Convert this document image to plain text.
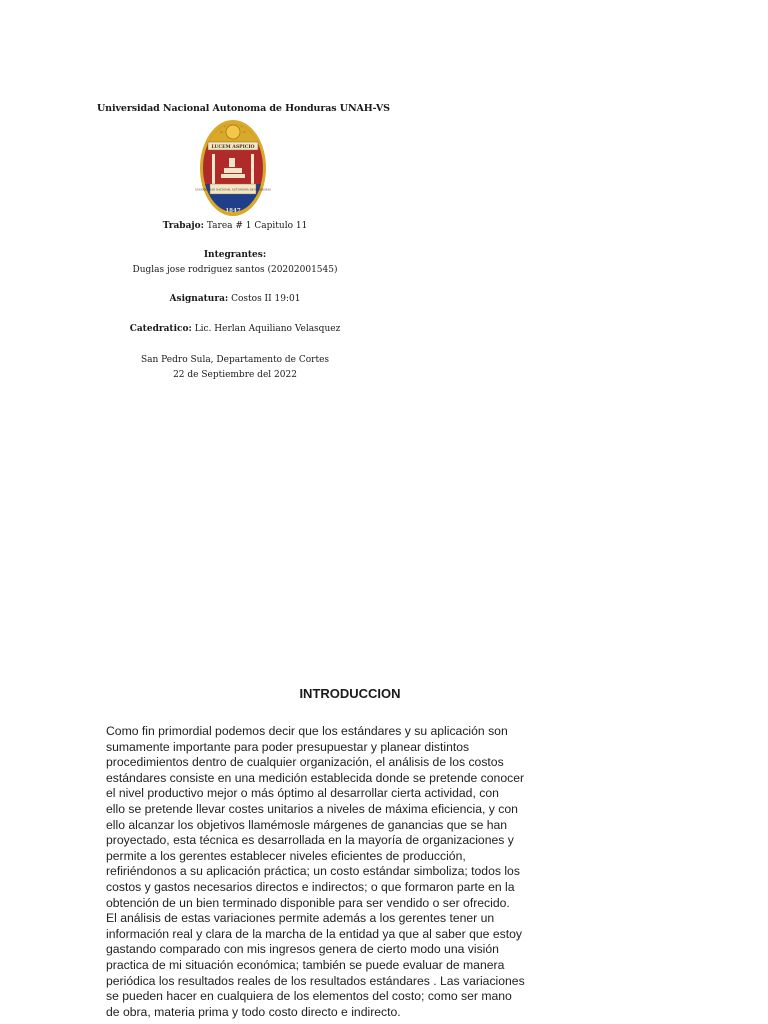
Universidad Nacional Autonoma de Honduras UNAH-VS
LUCEM ASPICIO
UNIVERSIDAD NACIONAL AUTONOMA DE HONDURAS
1847
Trabajo: Tarea # 1 Capitulo 11
Integrantes:
Duglas jose rodriguez santos (20202001545)
Asignatura: Costos II 19:01
Catedratico: Lic. Herlan Aquiliano Velasquez
San Pedro Sula, Departamento de Cortes
22 de Septiembre del 2022
INTRODUCCION
Como fin primordial podemos decir que los estándares y su aplicación son
sumamente importante para poder presupuestar y planear distintos
procedimientos dentro de cualquier organización, el análisis de los costos
estándares consiste en una medición establecida donde se pretende conocer
el nivel productivo mejor o más óptimo al desarrollar cierta actividad, con
ello se pretende llevar costes unitarios a niveles de máxima eficiencia, y con
ello alcanzar los objetivos llamémosle márgenes de ganancias que se han
proyectado, esta técnica es desarrollada en la mayoría de organizaciones y
permite a los gerentes establecer niveles eficientes de producción,
refiriéndonos a su aplicación práctica; un costo estándar simboliza; todos los
costos y gastos necesarios directos e indirectos; o que formaron parte en la
obtención de un bien terminado disponible para ser vendido o ser ofrecido.
El análisis de estas variaciones permite además a los gerentes tener un
información real y clara de la marcha de la entidad ya que al saber que estoy
gastando comparado con mis ingresos genera de cierto modo una visión
practica de mi situación económica; también se puede evaluar de manera
periódica los resultados reales de los resultados estándares . Las variaciones
se pueden hacer en cualquiera de los elementos del costo; como ser mano
de obra, materia prima y todo costo directo e indirecto.
